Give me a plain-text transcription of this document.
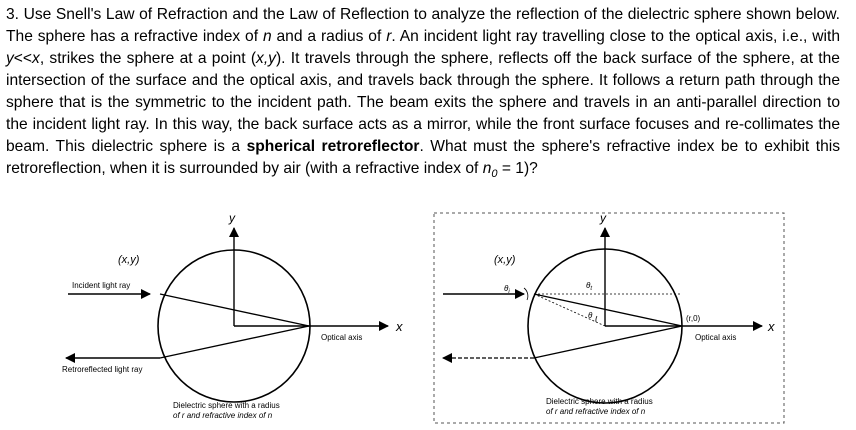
3. Use Snell's Law of Refraction and the Law of Reflection to analyze the reflection of the dielectric sphere shown below. The sphere has a refractive index of n and a radius of r. An incident light ray travelling close to the optical axis, i.e., with y<<x, strikes the sphere at a point (x,y). It travels through the sphere, reflects off the back surface of the sphere, at the intersection of the surface and the optical axis, and travels back through the sphere. It follows a return path through the sphere that is the symmetric to the incident path. The beam exits the sphere and travels in an anti-parallel direction to the incident light ray. In this way, the back surface acts as a mirror, while the front surface focuses and re-collimates the beam. This dielectric sphere is a spherical retroreflector. What must the sphere's refractive index be to exhibit this retroreflection, when it is surrounded by air (with a refractive index of $n_0 = 1$)?
y
x
(x,y)
Incident light ray
Retroreflected light ray
Optical axis
Dielectric sphere with a radius
of r and refractive index of n
y
x
(x,y)
$\theta_i$
$\theta_t$
θ	(r,0)
Optical axis
Dielectric sphere with a radius
of r and refractive index of n
